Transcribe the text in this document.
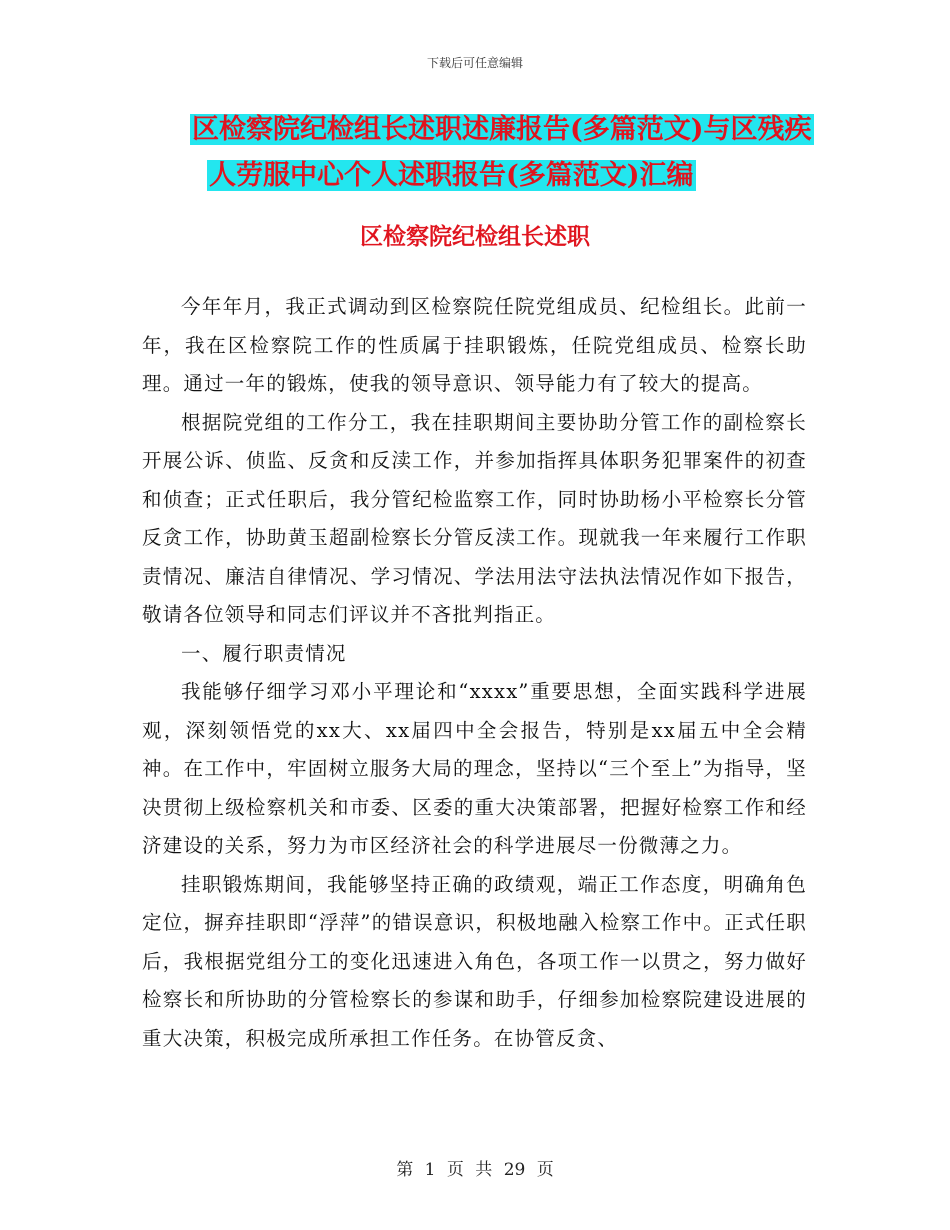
下载后可任意编辑
区检察院纪检组长述职述廉报告(多篇范文)与区残疾
人劳服中心个人述职报告(多篇范文)汇编
区检察院纪检组长述职

今年年月，我正式调动到区检察院任院党组成员、纪检组长。此前一年，我在区检察院工作的性质属于挂职锻炼，任院党组成员、检察长助理。通过一年的锻炼，使我的领导意识、领导能力有了较大的提高。

根据院党组的工作分工，我在挂职期间主要协助分管工作的副检察长开展公诉、侦监、反贪和反渎工作，并参加指挥具体职务犯罪案件的初查和侦查；正式任职后，我分管纪检监察工作，同时协助杨小平检察长分管反贪工作，协助黄玉超副检察长分管反渎工作。现就我一年来履行工作职责情况、廉洁自律情况、学习情况、学法用法守法执法情况作如下报告，敬请各位领导和同志们评议并不吝批判指正。

一、履行职责情况

我能够仔细学习邓小平理论和“xxxx”重要思想，全面实践科学进展观，深刻领悟党的xx大、xx届四中全会报告，特别是xx届五中全会精神。在工作中，牢固树立服务大局的理念，坚持以“三个至上”为指导，坚决贯彻上级检察机关和市委、区委的重大决策部署，把握好检察工作和经济建设的关系，努力为市区经济社会的科学进展尽一份微薄之力。

挂职锻炼期间，我能够坚持正确的政绩观，端正工作态度，明确角色定位，摒弃挂职即“浮萍”的错误意识，积极地融入检察工作中。正式任职后，我根据党组分工的变化迅速进入角色，各项工作一以贯之，努力做好检察长和所协助的分管检察长的参谋和助手，仔细参加检察院建设进展的重大决策，积极完成所承担工作任务。在协管反贪、

第 1 页 共 29 页
